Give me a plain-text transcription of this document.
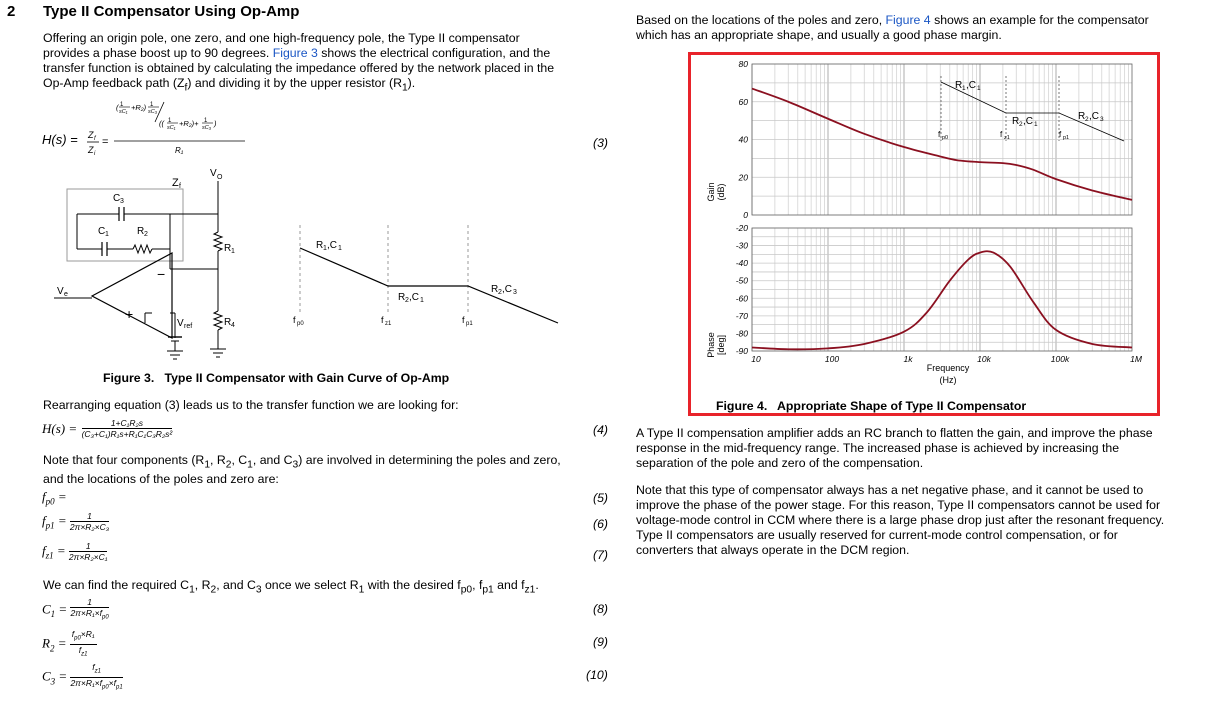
2 Type II Compensator Using Op-Amp
Offering an origin pole, one zero, and one high-frequency pole, the Type II compensator
provides a phase boost up to 90 degrees. Figure 3 shows the electrical configuration, and the
transfer function is obtained by calculating the impedance offered by the network placed in the
Op-Amp feedback path $(Z_f)$ and dividing it by the upper resistor $(R_1)$.
H(s) = Z f
Z i
=
( 1
sC₁ +R₂) 1
sC₃
(( 1
sC₁ +R₂)+ 1
sC₃ )
R₁
(3)
Z f
C 3
C 1	R 2
−
+
V e
V O
R 1
R 4
V ref
R 1 ,C 1
R 2 ,C 1
R 2 ,C 3
f p0	f z1	f p1
Figure 3.   Type II Compensator with Gain Curve of Op-Amp
Rearranging equation (3) leads us to the transfer function we are looking for:
$H(s) = \frac{\text{1+C₁R₂s}}{\text{(C₃+C₁)R₁s+R₁C₁C₃R₂s²}}$	(4)
Note that four components ($R_1$, $R_2$, $C_1$, and $C_3$) are involved in determining the poles and zero,
and the locations of the poles and zero are:
$f_{p0}$ =	(5)
$f_{p1} = \frac{1}{\text{2π×R₂×C₃}}$	(6)
$f_{z1} = \frac{1}{\text{2π×R₂×C₁}}$	(7)
We can find the required $C_1$, $R_2$, and $C_3$ once we select $R_1$ with the desired $f_{p0}$, $f_{p1}$ and $f_{z1}$.
$C_1 = \frac{1}{2\pi\times R_1\times f_{p0}}$	(8)
$R_2 = \frac{f_{p0}\times R_1}{f_{z1}}$	(9)
$C_3 = \frac{f_{z1}}{2\pi\times R_1\times f_{p0}\times f_{p1}}$	(10)
Based on the locations of the poles and zero, Figure 4 shows an example for the compensator
which has an appropriate shape, and usually a good phase margin.
Gain (dB)
Phase [deg]
80
60
40
20
0
-20
-30
-40
-50
-60
-70
-80
-90
10	100	1k	10k	100k	1M
Frequency
(Hz)
R 1 ,C 1
R 2 ,C 1
R 2 ,C 3
f p0	f z1	f p1
Figure 4.   Appropriate Shape of Type II Compensator
A Type II compensation amplifier adds an RC branch to flatten the gain, and improve the phase
response in the mid-frequency range. The increased phase is achieved by increasing the
separation of the pole and zero of the compensation.
Note that this type of compensator always has a net negative phase, and it cannot be used to
improve the phase of the power stage. For this reason, Type II compensators cannot be used for
voltage-mode control in CCM where there is a large phase drop just after the resonant frequency.
Type II compensators are usually reserved for current-mode control compensation, or for
converters that always operate in the DCM region.
